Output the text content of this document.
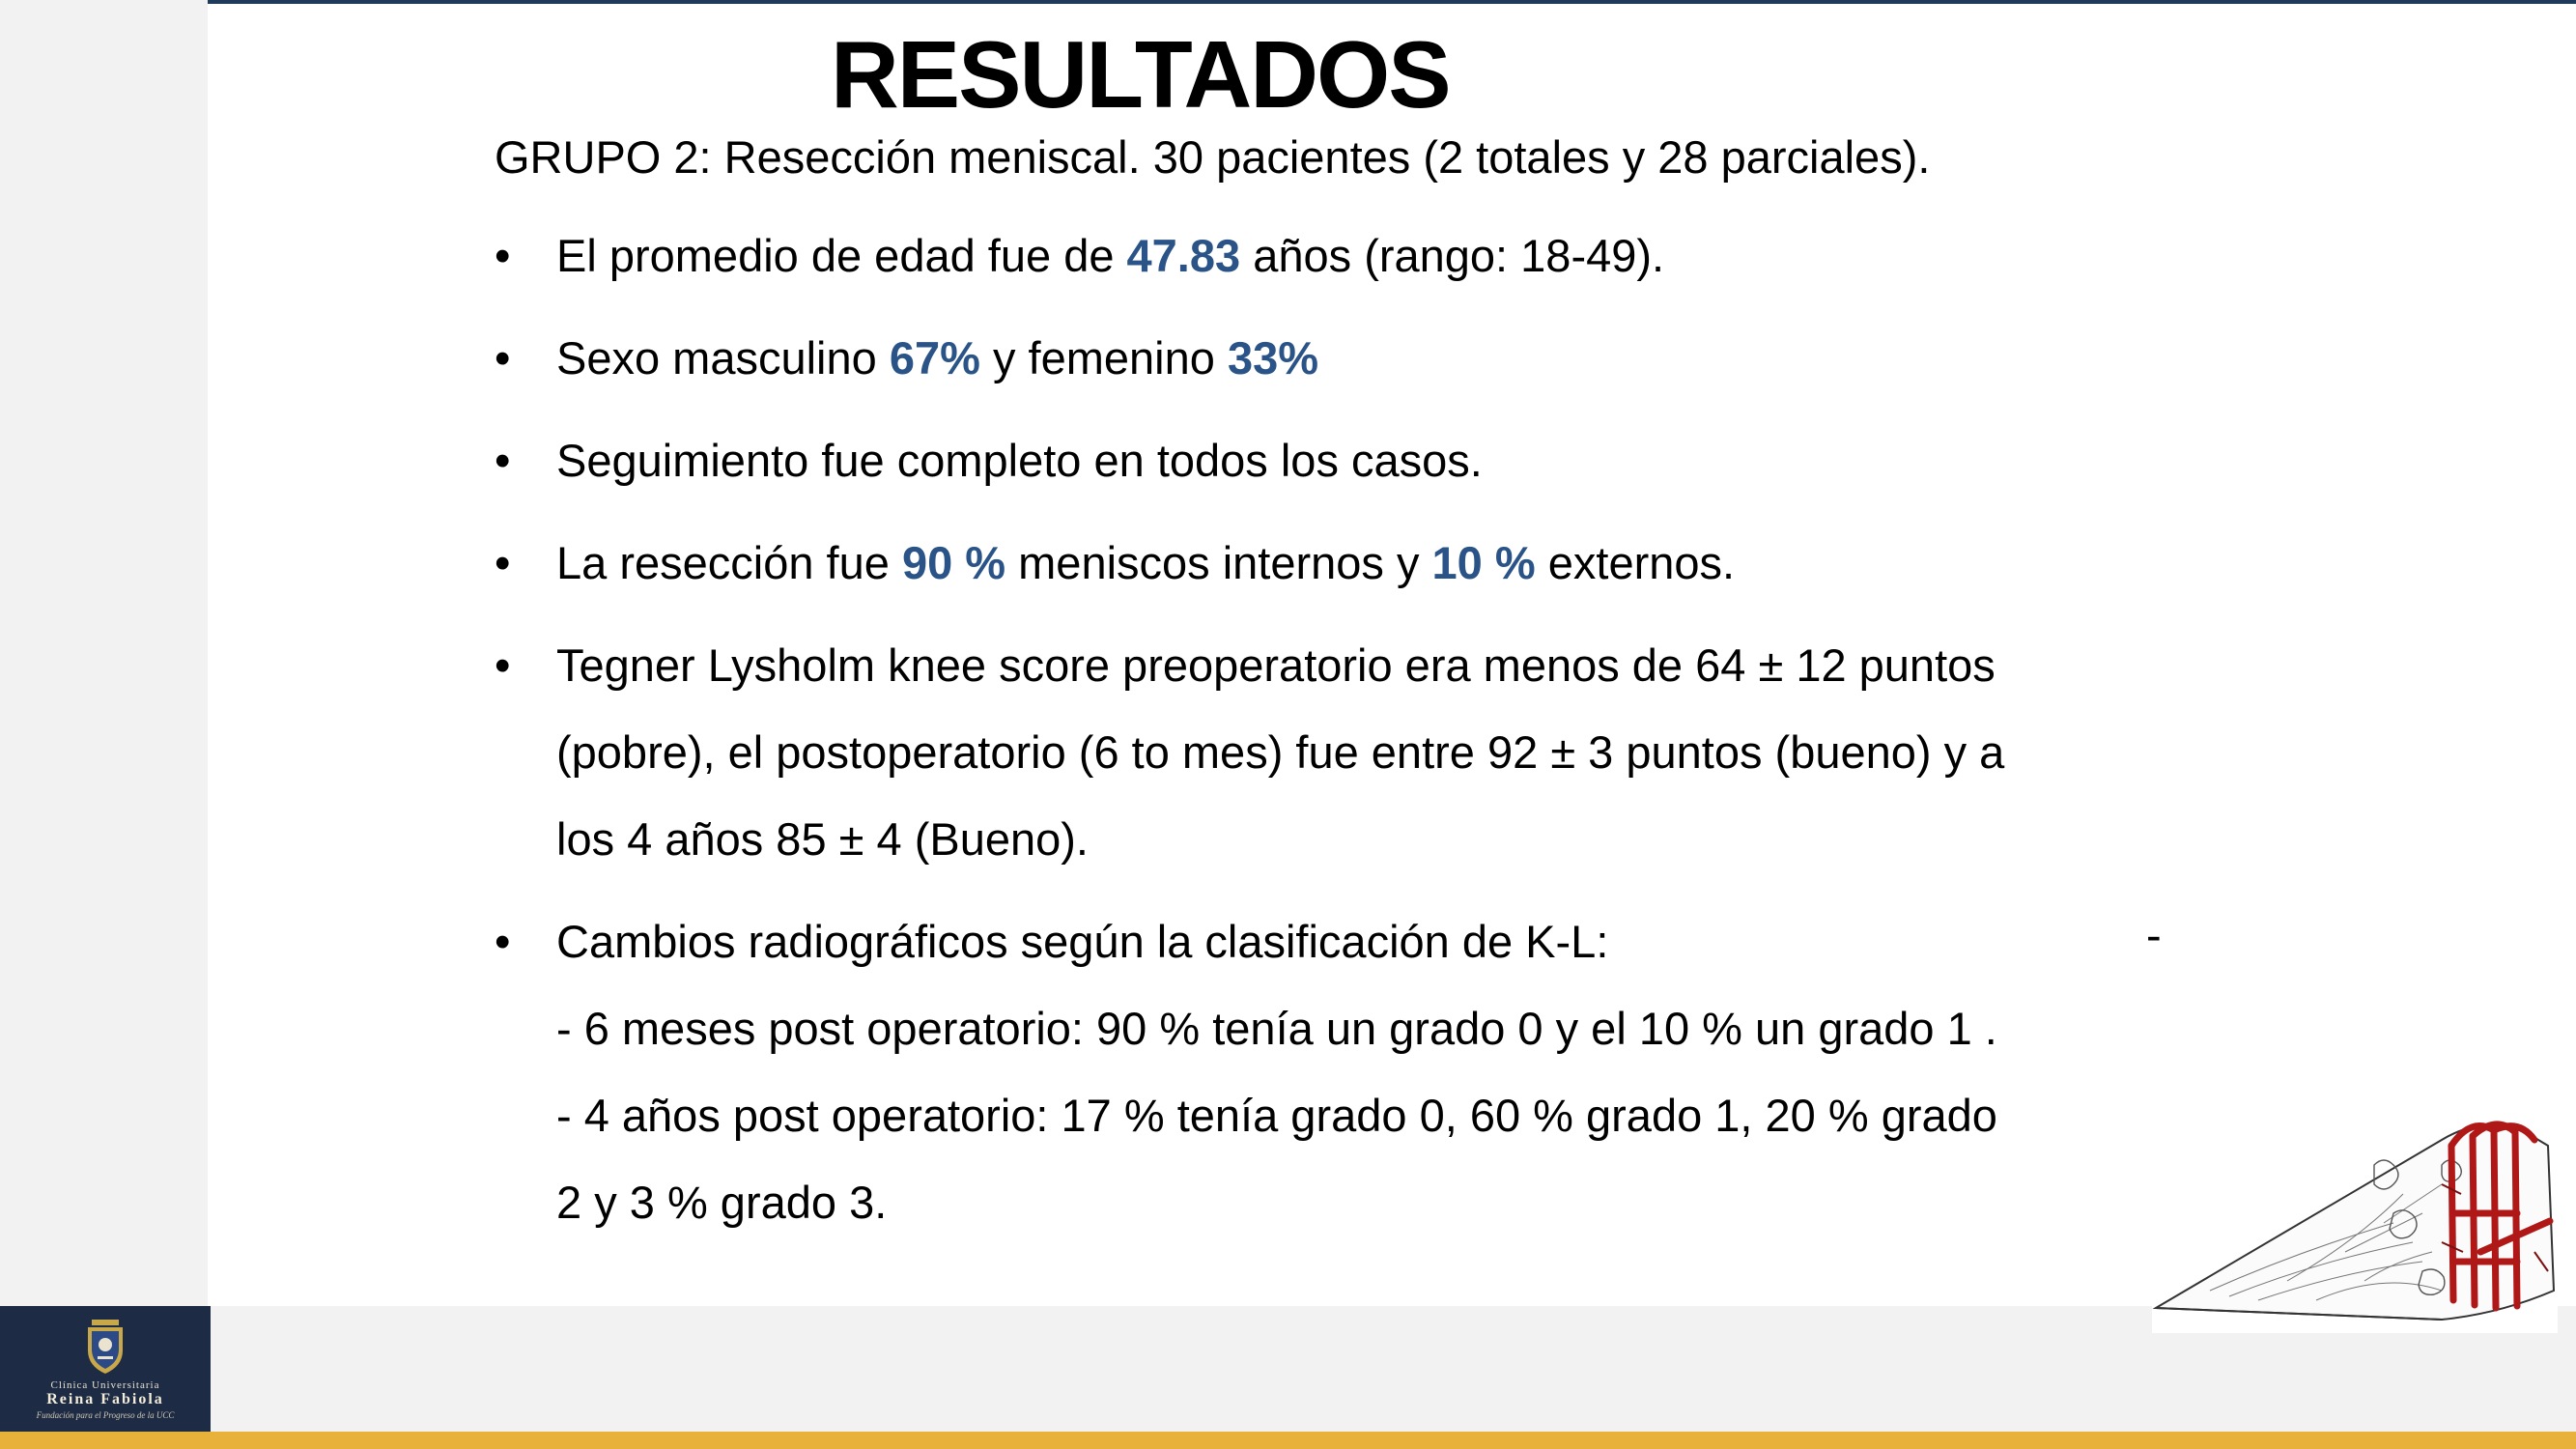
Clínica Universitaria
Reina Fabiola
Fundación para el Progreso de la UCC
RESULTADOS
GRUPO 2: Resección meniscal. 30 pacientes (2 totales y 28 parciales).
• El promedio de edad fue de 47.83 años (rango: 18-49).
• Sexo masculino 67% y femenino 33%
• Seguimiento fue completo en todos los casos.
• La resección fue 90 % meniscos internos y 10 % externos.
• Tegner Lysholm knee score preoperatorio era menos de 64 ± 12 puntos
(pobre), el postoperatorio (6 to mes) fue entre 92 ± 3 puntos (bueno) y a
los 4 años 85 ± 4 (Bueno).
• Cambios radiográficos según la clasificación de K-L:
- 6 meses post operatorio: 90 % tenía un grado 0 y el 10 % un grado 1 .
- 4 años post operatorio: 17 % tenía grado 0, 60 % grado 1, 20 % grado
2 y 3 % grado 3.
-
